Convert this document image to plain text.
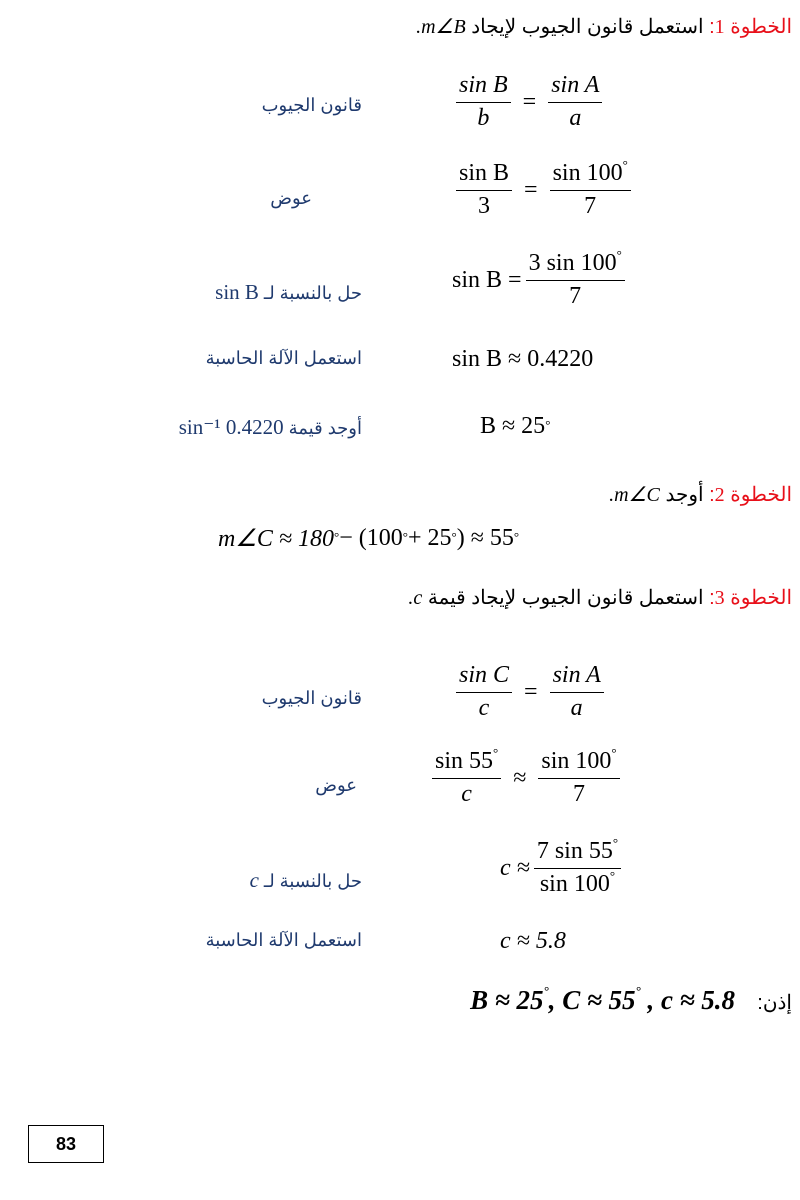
الخطوة 1: استعمل قانون الجيوب لإيجاد m∠B.
قانون الجيوب	$\frac{\text{sin B}}{b} = \frac{\text{sin A}}{a}$
عوض	$\frac{\text{sin B}}{3} = \frac{\sin 100^\circ}{7}$
حل بالنسبة لـ sin B	$\sin B = \frac{3 \sin 100^\circ}{7}$
استعمل الآلة الحاسبة	sin B ≈ 0.4220
أوجد قيمة sin⁻¹ 0.4220	B ≈ 25°
الخطوة 2: أوجد m∠C.
m∠C ≈ 180° − (100° + 25° ) ≈ 55°
الخطوة 3: استعمل قانون الجيوب لإيجاد قيمة c.
قانون الجيوب	$\frac{\text{sin C}}{c} = \frac{\text{sin A}}{a}$
عوض	$\frac{\sin 55^\circ}{c} \approx \frac{\sin 100^\circ}{7}$
حل بالنسبة لـ c	$c \approx \frac{7 \sin 55^\circ}{\sin 100^\circ}$
استعمل الآلة الحاسبة	c ≈ 5.8
إذن:    B ≈ 25°, C ≈ 55° , c ≈ 5.8
83
